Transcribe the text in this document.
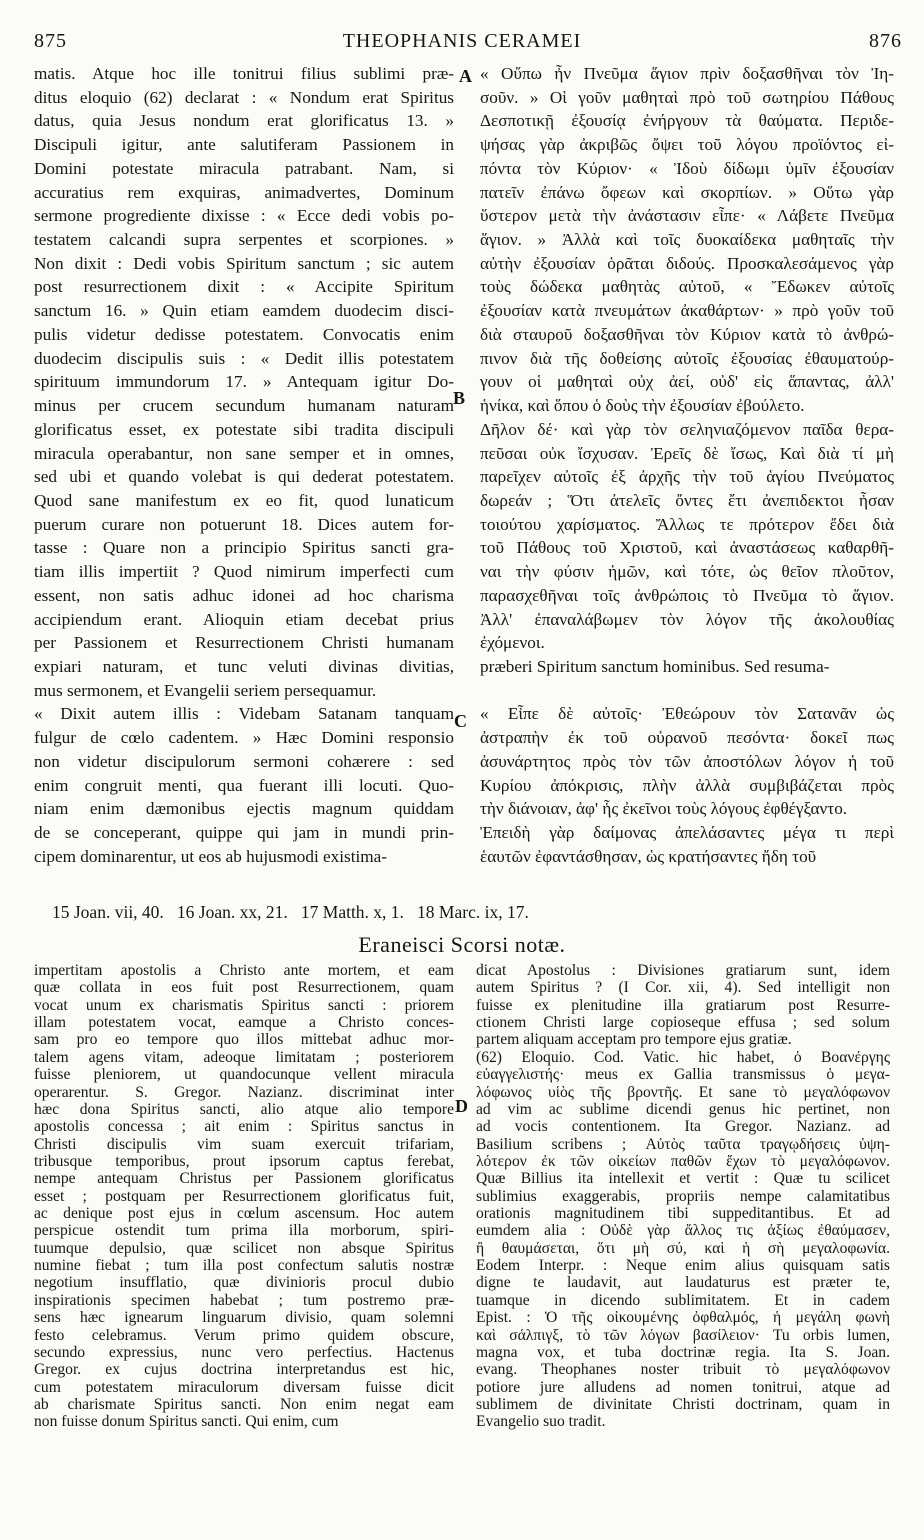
875	THEOPHANIS CERAMEI	876
matis. Atque hoc ille tonitrui filius sublimi præ-
ditus eloquio (62) declarat : « Nondum erat Spiritus
datus, quia Jesus nondum erat glorificatus 13. »
Discipuli igitur, ante salutiferam Passionem in
Domini potestate miracula patrabant. Nam, si
accuratius rem exquiras, animadvertes, Dominum
sermone progrediente dixisse : « Ecce dedi vobis po-
testatem calcandi supra serpentes et scorpiones. »
Non dixit : Dedi vobis Spiritum sanctum ; sic autem
post resurrectionem dixit : « Accipite Spiritum
sanctum 16. » Quin etiam eamdem duodecim disci-
pulis videtur dedisse potestatem. Convocatis enim
duodecim discipulis suis : « Dedit illis potestatem
spirituum immundorum 17. » Antequam igitur Do-
minus per crucem secundum humanam naturam
glorificatus esset, ex potestate sibi tradita discipuli
miracula operabantur, non sane semper et in omnes,
sed ubi et quando volebat is qui dederat potestatem.
Quod sane manifestum ex eo fit, quod lunaticum
puerum curare non potuerunt 18. Dices autem for-
tasse : Quare non a principio Spiritus sancti gra-
tiam illis impertiit ? Quod nimirum imperfecti cum
essent, non satis adhuc idonei ad hoc charisma
accipiendum erant. Alioquin etiam decebat prius
per Passionem et Resurrectionem Christi humanam
expiari naturam, et tunc veluti divinas divitias,
mus sermonem, et Evangelii seriem persequamur.
« Dixit autem illis : Videbam Satanam tanquam
fulgur de cœlo cadentem. » Hæc Domini responsio
non videtur discipulorum sermoni cohærere : sed
enim congruit menti, qua fuerant illi locuti. Quo-
niam enim dæmonibus ejectis magnum quiddam
de se conceperant, quippe qui jam in mundi prin-
cipem dominarentur, ut eos ab hujusmodi existima-
« Οὔπω ἦν Πνεῦμα ἅγιον πρὶν δοξασθῆναι τὸν Ἰη-
σοῦν. » Οἱ γοῦν μαθηταὶ πρὸ τοῦ σωτηρίου Πάθους
Δεσποτικῇ ἐξουσίᾳ ἐνήργουν τὰ θαύματα. Περιδε-
ψήσας γὰρ ἀκριβῶς ὄψει τοῦ λόγου προϊόντος εἰ-
πόντα τὸν Κύριον· « Ἰδοὺ δίδωμι ὑμῖν ἐξουσίαν
πατεῖν ἐπάνω ὄφεων καὶ σκορπίων. » Οὕτω γὰρ
ὕστερον μετὰ τὴν ἀνάστασιν εἶπε· « Λάβετε Πνεῦμα
ἅγιον. » Ἀλλὰ καὶ τοῖς δυοκαίδεκα μαθηταῖς τὴν
αὐτὴν ἐξουσίαν ὁρᾶται διδούς. Προσκαλεσάμενος γὰρ
τοὺς δώδεκα μαθητὰς αὐτοῦ, « Ἔδωκεν αὐτοῖς
ἐξουσίαν κατὰ πνευμάτων ἀκαθάρτων· » πρὸ γοῦν τοῦ
διὰ σταυροῦ δοξασθῆναι τὸν Κύριον κατὰ τὸ ἀνθρώ-
πινον διὰ τῆς δοθείσης αὐτοῖς ἐξουσίας ἐθαυματούρ-
γουν οἱ μαθηταὶ οὐχ ἀεί, οὐδ' εἰς ἅπαντας, ἀλλ'
ἡνίκα, καὶ ὅπου ὁ δοὺς τὴν ἐξουσίαν ἐβούλετο.
Δῆλον δέ· καὶ γὰρ τὸν σεληνιαζόμενον παῖδα θερα-
πεῦσαι οὐκ ἴσχυσαν. Ἐρεῖς δὲ ἴσως, Καὶ διὰ τί μὴ
παρεῖχεν αὐτοῖς ἐξ ἀρχῆς τὴν τοῦ ἁγίου Πνεύματος
δωρεάν ; Ὅτι ἀτελεῖς ὄντες ἔτι ἀνεπιδεκτοι ἦσαν
τοιούτου χαρίσματος. Ἄλλως τε πρότερον ἔδει διὰ
τοῦ Πάθους τοῦ Χριστοῦ, καὶ ἀναστάσεως καθαρθῆ-
ναι τὴν φύσιν ἡμῶν, καὶ τότε, ὡς θεῖον πλοῦτον,
παρασχεθῆναι τοῖς ἀνθρώποις τὸ Πνεῦμα τὸ ἅγιον.
Ἀλλ' ἐπαναλάβωμεν τὸν λόγον τῆς ἀκολουθίας
ἐχόμενοι.
præberi Spiritum sanctum hominibus. Sed resuma-
« Εἶπε δὲ αὐτοῖς· Ἐθεώρουν τὸν Σατανᾶν ὡς
ἀστραπὴν ἐκ τοῦ οὐρανοῦ πεσόντα· δοκεῖ πως
ἀσυνάρτητος πρὸς τὸν τῶν ἀποστόλων λόγον ἡ τοῦ
Κυρίου ἀπόκρισις, πλὴν ἀλλὰ συμβιβάζεται πρὸς
τὴν διάνοιαν, ἀφ' ἧς ἐκεῖνοι τοὺς λόγους ἐφθέγξαντο.
Ἐπειδὴ γὰρ δαίμονας ἀπελάσαντες μέγα τι περὶ
ἑαυτῶν ἐφαντάσθησαν, ὡς κρατήσαντες ἤδη τοῦ
A
B
C
D
15 Joan. vii, 40.   16 Joan. xx, 21.   17 Matth. x, 1.   18 Marc. ix, 17.
Eraneisci Scorsi notæ.
impertitam apostolis a Christo ante mortem, et eam
quæ collata in eos fuit post Resurrectionem, quam
vocat unum ex charismatis Spiritus sancti : priorem
illam potestatem vocat, eamque a Christo conces-
sam pro eo tempore quo illos mittebat adhuc mor-
talem agens vitam, adeoque limitatam ; posteriorem
fuisse pleniorem, ut quandocunque vellent miracula
operarentur. S. Gregor. Nazianz. discriminat inter
hæc dona Spiritus sancti, alio atque alio tempore
apostolis concessa ; ait enim : Spiritus sanctus in
Christi discipulis vim suam exercuit trifariam,
tribusque temporibus, prout ipsorum captus ferebat,
nempe antequam Christus per Passionem glorificatus
esset ; postquam per Resurrectionem glorificatus fuit,
ac denique post ejus in cœlum ascensum. Hoc autem
perspicue ostendit tum prima illa morborum, spiri-
tuumque depulsio, quæ scilicet non absque Spiritus
numine fiebat ; tum illa post confectum salutis nostræ
negotium insufflatio, quæ divinioris procul dubio
inspirationis specimen habebat ; tum postremo præ-
sens hæc ignearum linguarum divisio, quam solemni
festo celebramus. Verum primo quidem obscure,
secundo expressius, nunc vero perfectius. Hactenus
Gregor. ex cujus doctrina interpretandus est hic,
cum potestatem miraculorum diversam fuisse dicit
ab charismate Spiritus sancti. Non enim negat eam
non fuisse donum Spiritus sancti. Qui enim, cum
dicat Apostolus : Divisiones gratiarum sunt, idem
autem Spiritus ? (I Cor. xii, 4). Sed intelligit non
fuisse ex plenitudine illa gratiarum post Resurre-
ctionem Christi large copioseque effusa ; sed solum
partem aliquam acceptam pro tempore ejus gratiæ.
(62) Eloquio. Cod. Vatic. hic habet, ὁ Βοανέργης
εὐαγγελιστής· meus ex Gallia transmissus ὁ μεγα-
λόφωνος υἱὸς τῆς βροντῆς. Et sane τὸ μεγαλόφωνον
ad vim ac sublime dicendi genus hic pertinet, non
ad vocis contentionem. Ita Gregor. Nazianz. ad
Basilium scribens ; Αὐτὸς ταῦτα τραγῳδήσεις ὑψη-
λότερον ἐκ τῶν οἰκείων παθῶν ἔχων τὸ μεγαλόφωνον.
Quæ Billius ita intellexit et vertit : Quæ tu scilicet
sublimius exaggerabis, propriis nempe calamitatibus
orationis magnitudinem tibi suppeditantibus. Et ad
eumdem alia : Οὐδὲ γὰρ ἄλλος τις ἀξίως ἐθαύμασεν,
ἢ θαυμάσεται, ὅτι μὴ σύ, καὶ ἡ σὴ μεγαλοφωνία.
Eodem Interpr. : Neque enim alius quisquam satis
digne te laudavit, aut laudaturus est præter te,
tuamque in dicendo sublimitatem. Et in cadem
Epist. : Ὁ τῆς οἰκουμένης ὀφθαλμός, ἡ μεγάλη φωνὴ
καὶ σάλπιγξ, τὸ τῶν λόγων βασίλειον· Tu orbis lumen,
magna vox, et tuba doctrinæ regia. Ita S. Joan.
evang. Theophanes noster tribuit τὸ μεγαλόφωνον
potiore jure alludens ad nomen tonitrui, atque ad
sublimem de divinitate Christi doctrinam, quam in
Evangelio suo tradit.
